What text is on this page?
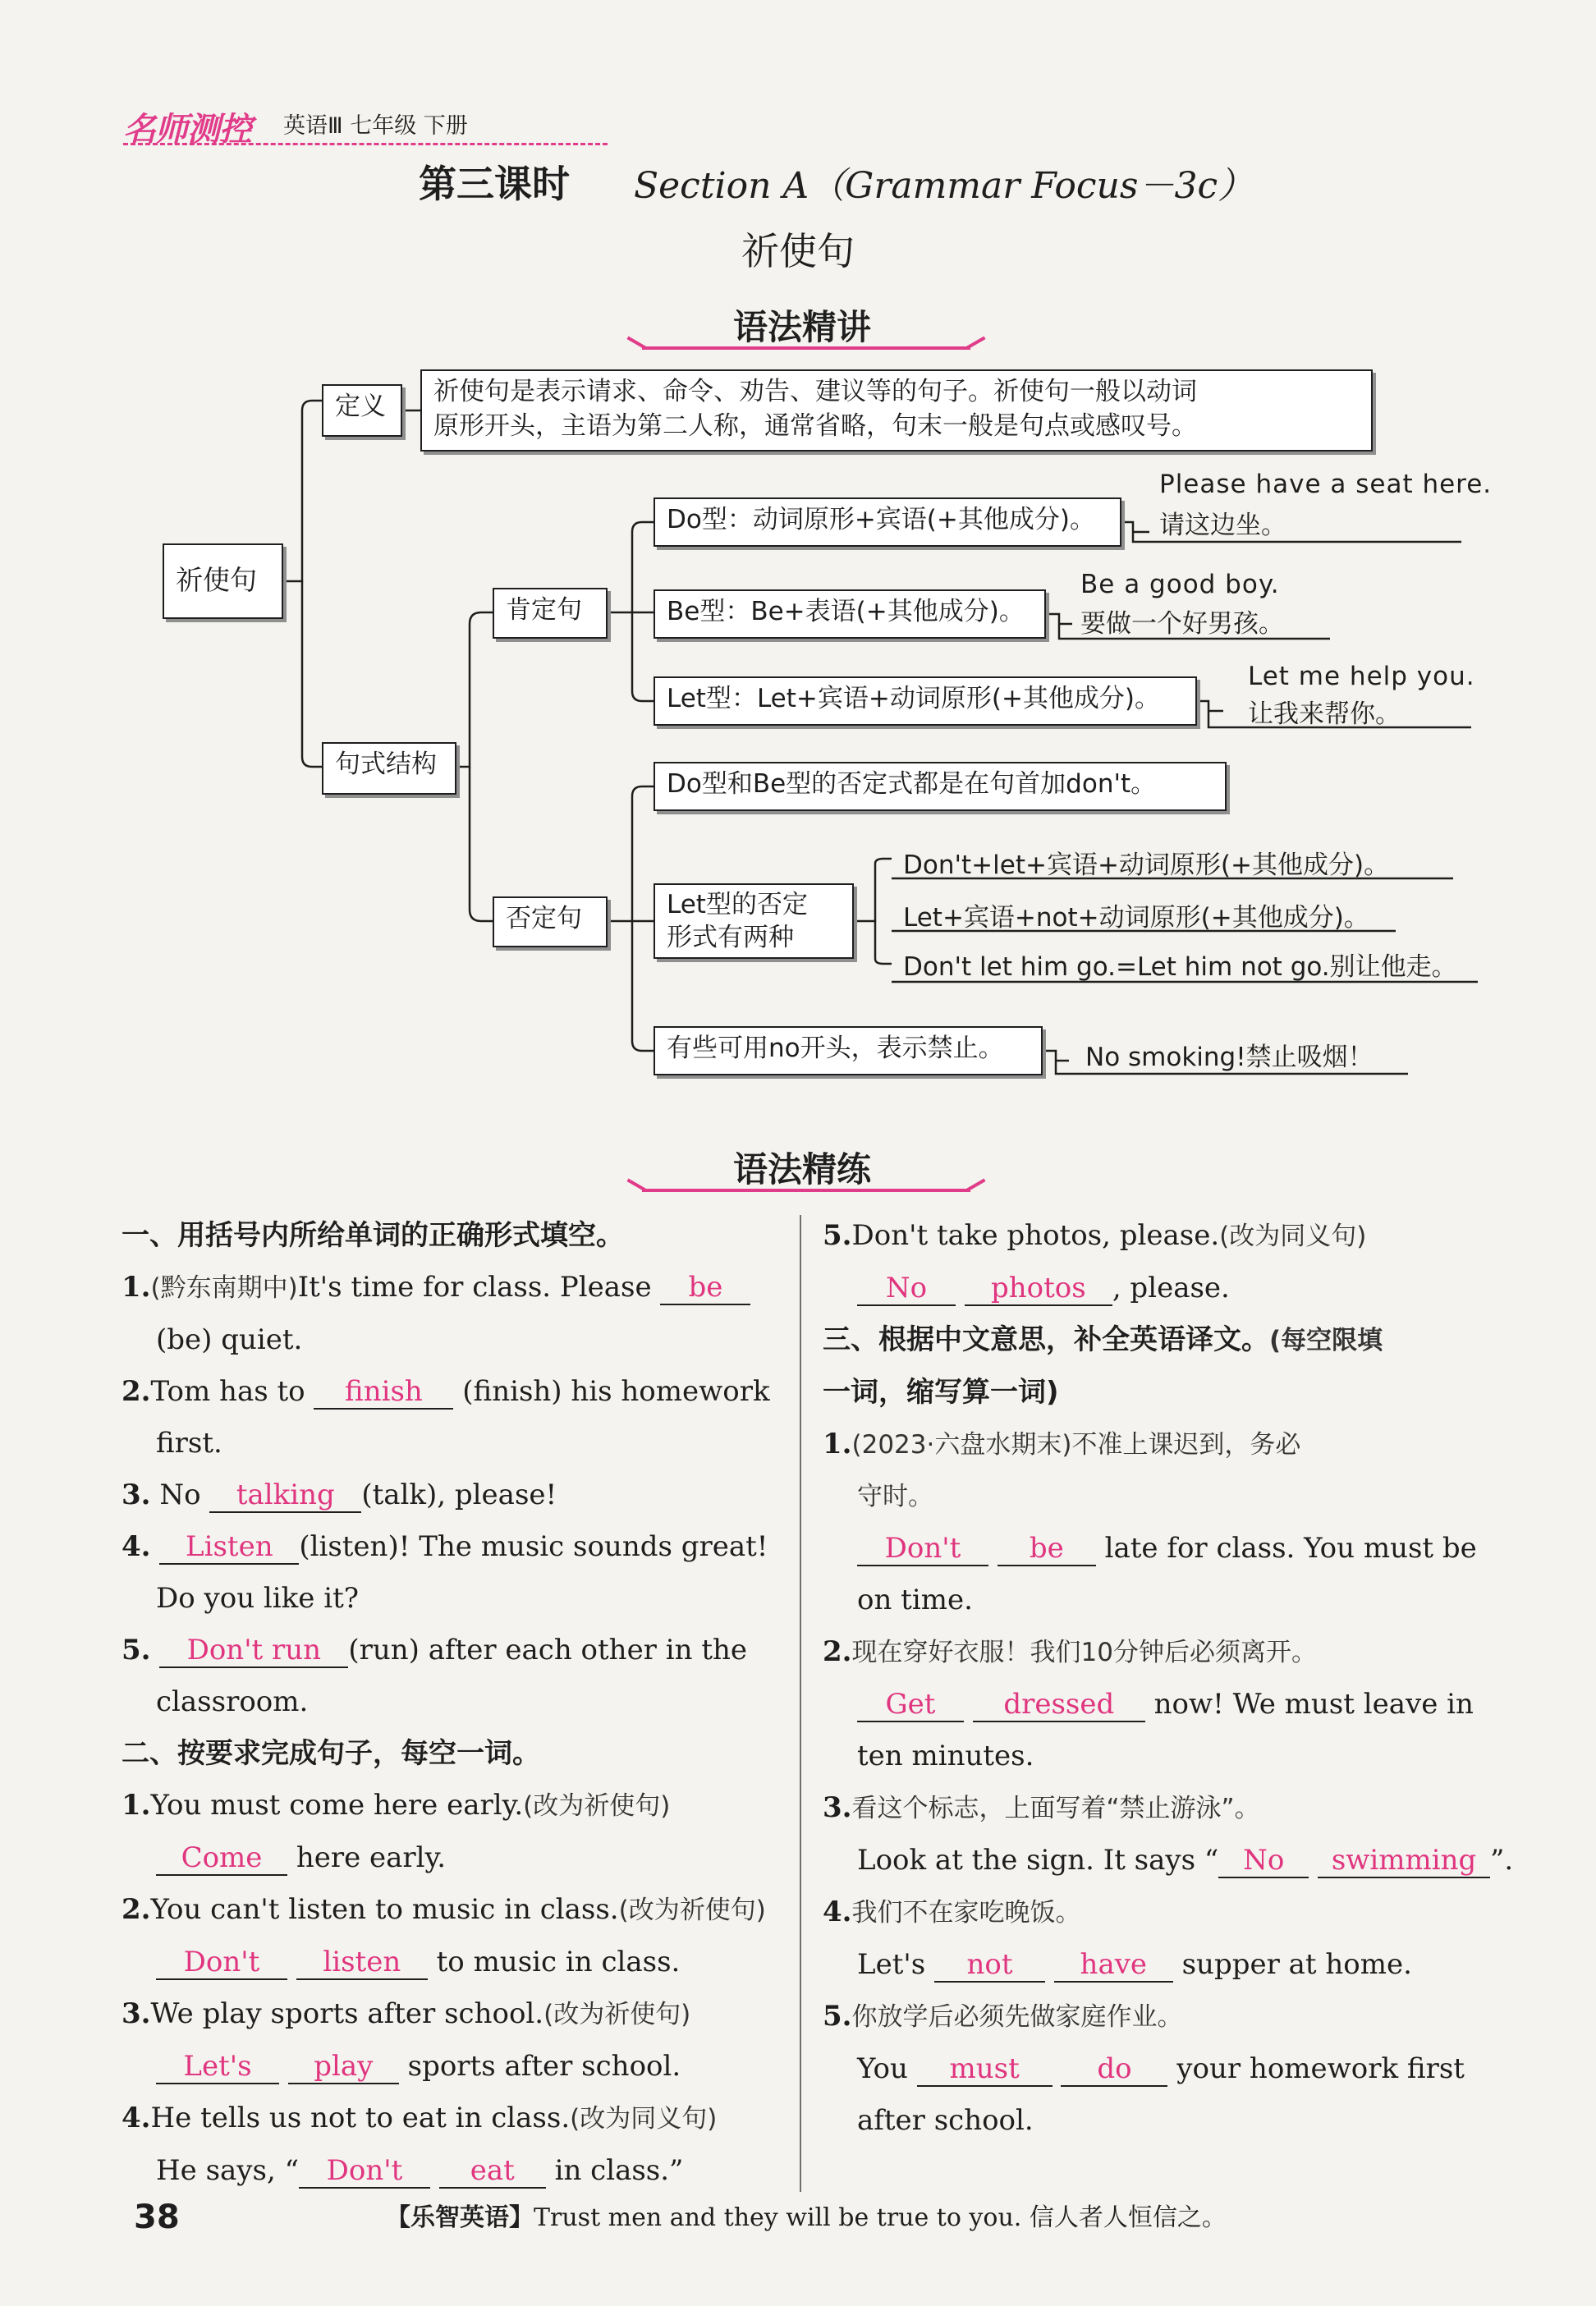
名师测控 英语Ⅲ 七年级 下册
第三课时 Section A（Grammar Focus－3c）
祈使句
语法精讲
祈使句
定义	祈使句是表示请求、命令、劝告、建议等的句子。祈使句一般以动词
原形开头，主语为第二人称，通常省略，句末一般是句点或感叹号。
句式结构
肯定句
Do型：动词原形+宾语(+其他成分)。
Be型：Be+表语(+其他成分)。
Let型：Let+宾语+动词原形(+其他成分)。
否定句
Do型和Be型的否定式都是在句首加don't。
Let型的否定
形式有两种
有些可用no开头，表示禁止。
Please have a seat here.
请这边坐。
Be a good boy.
要做一个好男孩。
Let me help you.
让我来帮你。
Don't+let+宾语+动词原形(+其他成分)。
Let+宾语+not+动词原形(+其他成分)。
Don't let him go.=Let him not go.别让他走。
No smoking!禁止吸烟！
语法精练
一、用括号内所给单词的正确形式填空。
1.(黔东南期中)It's time for class. Please be
(be) quiet.
2.Tom has to finish (finish) his homework
first.
3. No talking (talk), please!
4. Listen (listen)! The music sounds great!
Do you like it?
5. Don't run (run) after each other in the
classroom.
二、按要求完成句子，每空一词。
1.You must come here early.(改为祈使句)
Come here early.
2.You can't listen to music in class.(改为祈使句)
Don't listen to music in class.
3.We play sports after school.(改为祈使句)
Let's play sports after school.
4.He tells us not to eat in class.(改为同义句)
He says, “ Don't eat in class.”
5.Don't take photos, please.(改为同义句)
No photos , please.
三、根据中文意思，补全英语译文。(每空限填
一词，缩写算一词)
1.(2023·六盘水期末)不准上课迟到，务必
守时。
Don't be late for class. You must be
on time.
2.现在穿好衣服！我们10分钟后必须离开。
Get dressed now! We must leave in
ten minutes.
3.看这个标志，上面写着“禁止游泳”。
Look at the sign. It says “ No swimming ”.
4.我们不在家吃晚饭。
Let's not have supper at home.
5.你放学后必须先做家庭作业。
You must	do your homework first
after school.
38	【乐智英语】Trust men and they will be true to you. 信人者人恒信之。
